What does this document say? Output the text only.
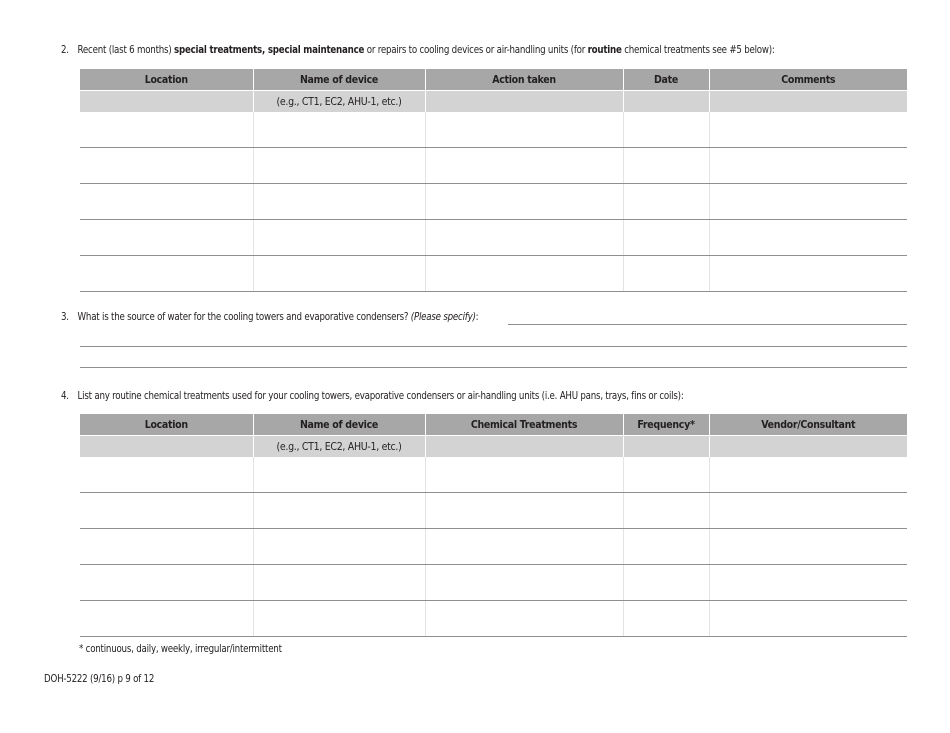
2. Recent (last 6 months) special treatments, special maintenance or repairs to cooling devices or air-handling units (for routine chemical treatments see #5 below):
Location	Name of device	Action taken	Date	Comments
	(e.g., CT1, EC2, AHU-1, etc.)			

3. What is the source of water for the cooling towers and evaporative condensers? (Please specify):
4. List any routine chemical treatments used for your cooling towers, evaporative condensers or air-handling units (i.e. AHU pans, trays, fins or coils):
Location	Name of device	Chemical Treatments	Frequency*	Vendor/Consultant
	(e.g., CT1, EC2, AHU-1, etc.)			

* continuous, daily, weekly, irregular/intermittent
DOH-5222 (9/16) p 9 of 12
